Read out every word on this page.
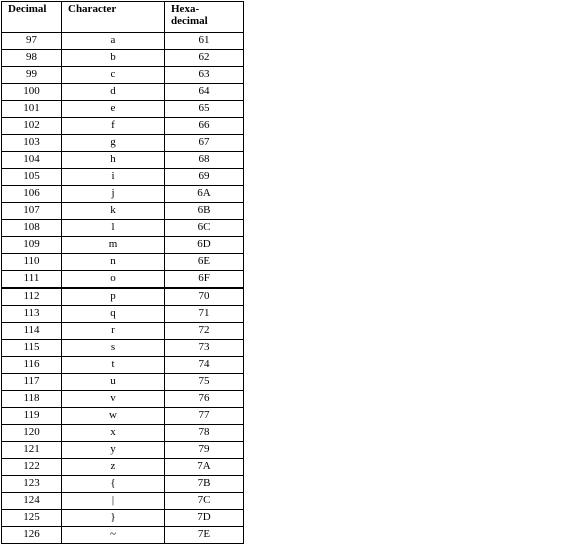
Decimal	Character	Hexa-
decimal
97	a	61
98	b	62
99	c	63
100	d	64
101	e	65
102	f	66
103	g	67
104	h	68
105	i	69
106	j	6A
107	k	6B
108	l	6C
109	m	6D
110	n	6E
111	o	6F
112	p	70
113	q	71
114	r	72
115	s	73
116	t	74
117	u	75
118	v	76
119	w	77
120	x	78
121	y	79
122	z	7A
123	{	7B
124	|	7C
125	}	7D
126	~	7E
